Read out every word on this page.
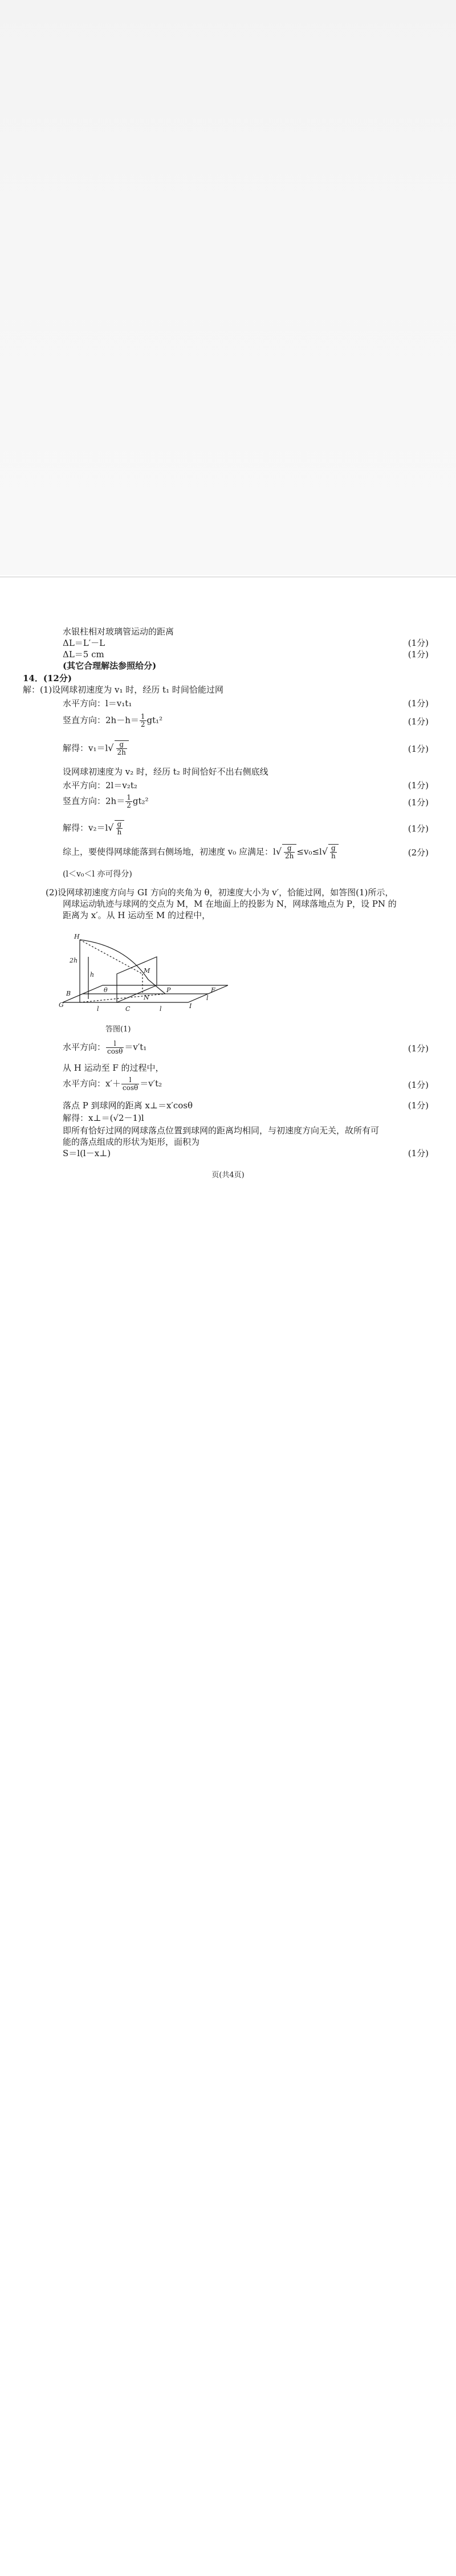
水银柱相对玻璃管运动的距离
ΔL＝L′－L	(1分)
ΔL＝5 cm	(1分)
(其它合理解法参照给分)
14．(12分)
解：(1)设网球初速度为 v₁ 时，经历 t₁ 时间恰能过网
水平方向：l＝v₁t₁	(1分)
竖直方向：$2h-h= \frac{1}{2} gt_1^2$	(1分)
解得：$v_1=l√ \frac{g}{2h}$	(1分)
设网球初速度为 v₂ 时，经历 t₂ 时间恰好不出右侧底线
水平方向：2l＝v₂t₂	(1分)
竖直方向：$2h= \frac{1}{2} gt_2^2$	(1分)
解得：$v_2=l√ \frac{g}{h}$	(1分)
综上，要使得网球能落到右侧场地，初速度 v₀ 应满足：$l√ \frac{g}{2h} \le v_0\le l√ \frac{g}{h}$	(2分)
(l＜v₀＜l 亦可得分)
(2)设网球初速度方向与 GI 方向的夹角为 θ，初速度大小为 v′，恰能过网，如答图(1)所示，
网球运动轨迹与球网的交点为 M，M 在地面上的投影为 N，网球落地点为 P，设 PN 的
距离为 x′。从 H 运动至 M 的过程中，
2h
h
θ
H
G
M
N
P	F
B
C	I
l	l
l
答图(1)
水平方向： $\frac{l}{\cos\theta} =v't_1$	(1分)
从 H 运动至 F 的过程中，
水平方向：$x'+ \frac{l}{\cos\theta} =v't_2$	(1分)
落点 P 到球网的距离 x⊥＝x′cosθ	(1分)
解得：x⊥＝(√2－1)l
即所有恰好过网的网球落点位置到球网的距离均相同，与初速度方向无关，故所有可
能的落点组成的形状为矩形，面积为
S＝l(l－x⊥)	(1分)
页(共4页)
